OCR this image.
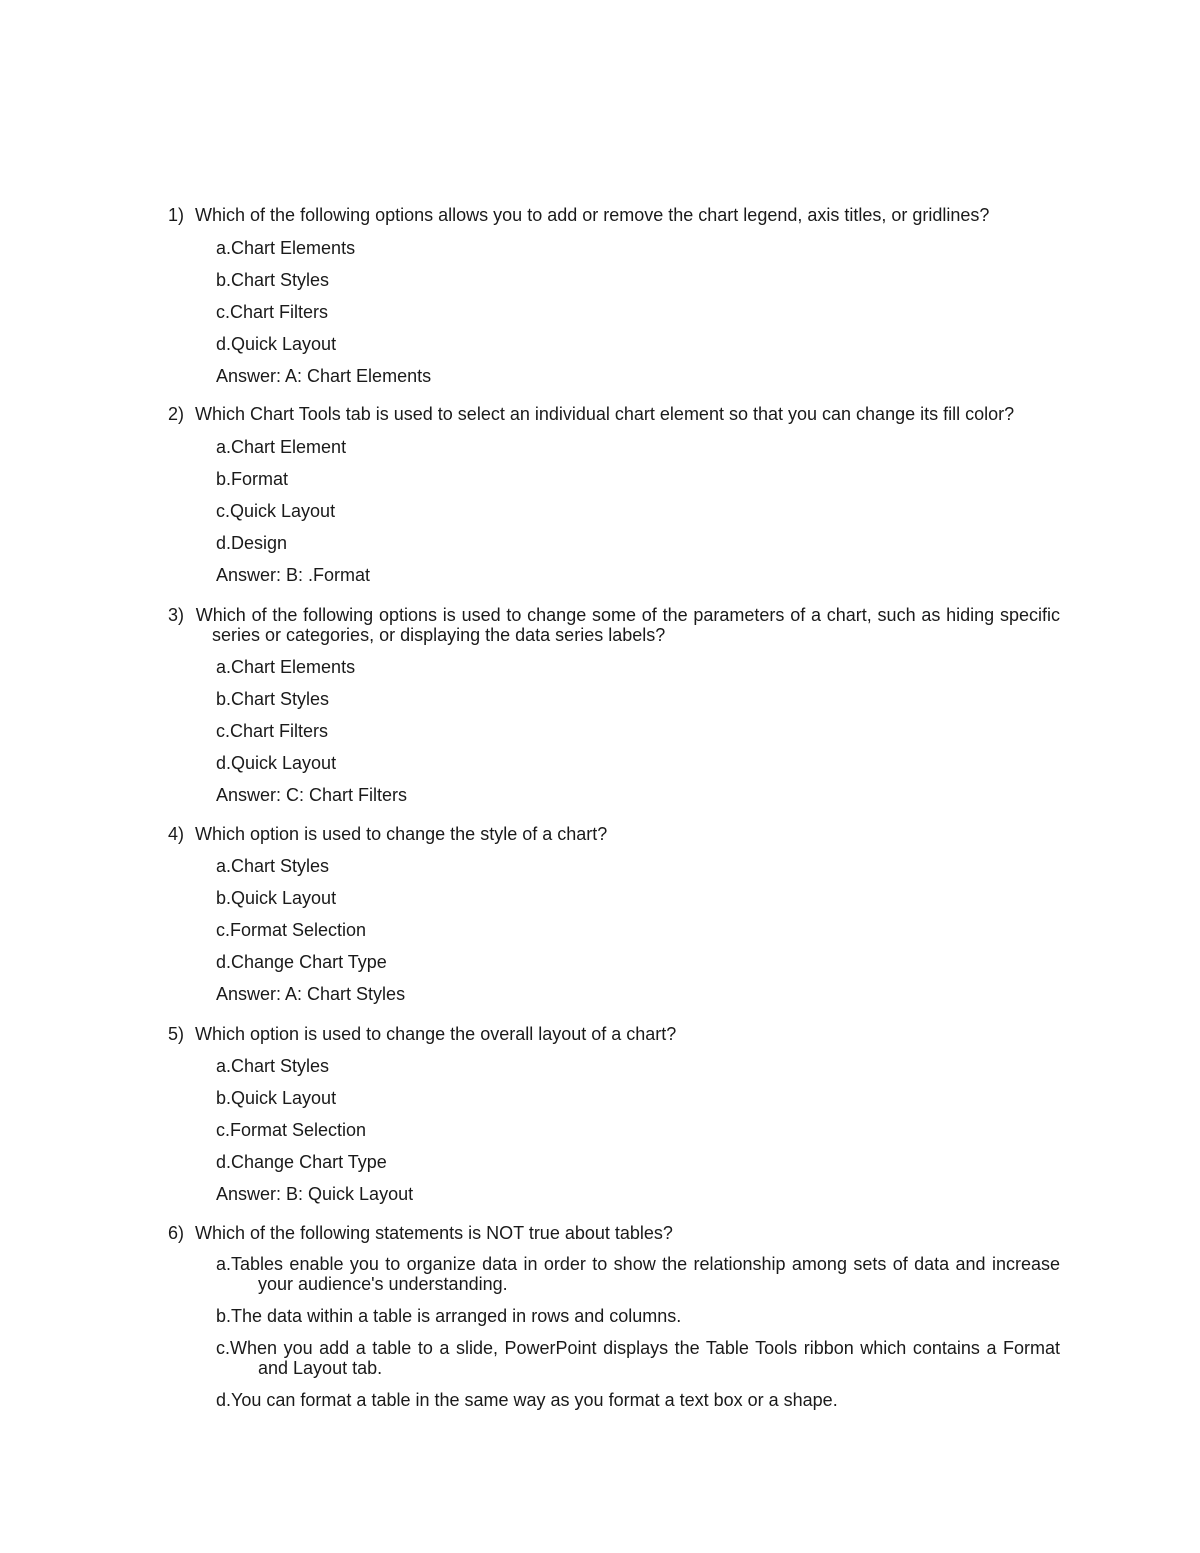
1) Which of the following options allows you to add or remove the chart legend, axis titles, or gridlines?

a.Chart Elements
b.Chart Styles
c.Chart Filters
d.Quick Layout
Answer: A: Chart Elements

2) Which Chart Tools tab is used to select an individual chart element so that you can change its fill color?

a.Chart Element
b.Format
c.Quick Layout
d.Design
Answer: B: .Format

3) Which of the following options is used to change some of the parameters of a chart, such as hiding specific series or categories, or displaying the data series labels?

a.Chart Elements
b.Chart Styles
c.Chart Filters
d.Quick Layout
Answer: C: Chart Filters

4) Which option is used to change the style of a chart?

a.Chart Styles
b.Quick Layout
c.Format Selection
d.Change Chart Type
Answer: A: Chart Styles

5) Which option is used to change the overall layout of a chart?

a.Chart Styles
b.Quick Layout
c.Format Selection
d.Change Chart Type
Answer: B: Quick Layout

6) Which of the following statements is NOT true about tables?

a.Tables enable you to organize data in order to show the relationship among sets of data and increase your audience's understanding.
b.The data within a table is arranged in rows and columns.
c.When you add a table to a slide, PowerPoint displays the Table Tools ribbon which contains a Format and Layout tab.
d.You can format a table in the same way as you format a text box or a shape.
